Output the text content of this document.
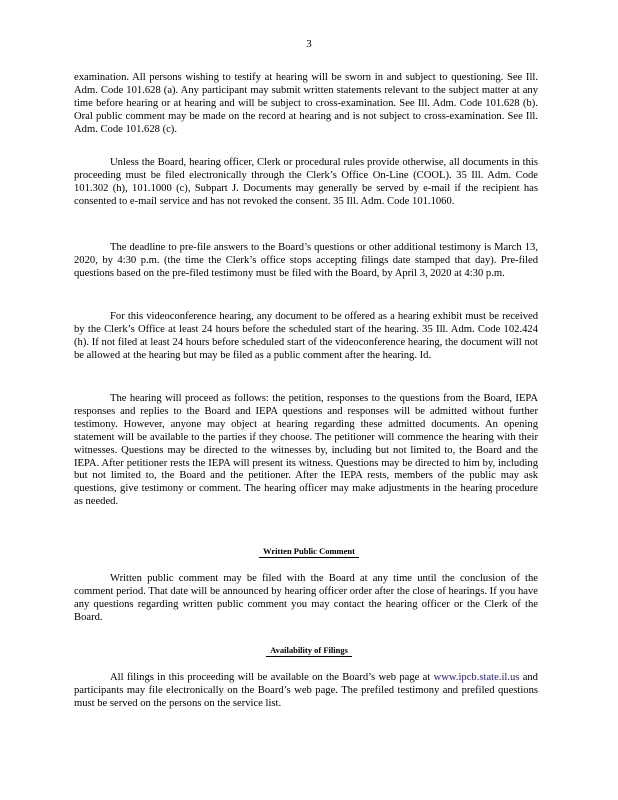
3

examination. All persons wishing to testify at hearing will be sworn in and subject to questioning. See Ill. Adm. Code 101.628 (a). Any participant may submit written statements relevant to the subject matter at any time before hearing or at hearing and will be subject to cross-examination. See Ill. Adm. Code 101.628 (b). Oral public comment may be made on the record at hearing and is not subject to cross-examination. See Ill. Adm. Code 101.628 (c).

Unless the Board, hearing officer, Clerk or procedural rules provide otherwise, all documents in this proceeding must be filed electronically through the Clerk’s Office On-Line (COOL). 35 Ill. Adm. Code 101.302 (h), 101.1000 (c), Subpart J. Documents may generally be served by e-mail if the recipient has consented to e-mail service and has not revoked the consent. 35 Ill. Adm. Code 101.1060.

The deadline to pre-file answers to the Board’s questions or other additional testimony is March 13, 2020, by 4:30 p.m. (the time the Clerk’s office stops accepting filings date stamped that day). Pre-filed questions based on the pre-filed testimony must be filed with the Board, by April 3, 2020 at 4:30 p.m.

For this videoconference hearing, any document to be offered as a hearing exhibit must be received by the Clerk’s Office at least 24 hours before the scheduled start of the hearing. 35 Ill. Adm. Code 102.424 (h). If not filed at least 24 hours before scheduled start of the videoconference hearing, the document will not be allowed at the hearing but may be filed as a public comment after the hearing. Id.

The hearing will proceed as follows: the petition, responses to the questions from the Board, IEPA responses and replies to the Board and IEPA questions and responses will be admitted without further testimony. However, anyone may object at hearing regarding these admitted documents. An opening statement will be available to the parties if they choose. The petitioner will commence the hearing with their witnesses. Questions may be directed to the witnesses by, including but not limited to, the Board and the IEPA. After petitioner rests the IEPA will present its witness. Questions may be directed to him by, including but not limited to, the Board and the petitioner. After the IEPA rests, members of the public may ask questions, give testimony or comment. The hearing officer may make adjustments in the hearing procedure as needed.

Written Public Comment

Written public comment may be filed with the Board at any time until the conclusion of the comment period. That date will be announced by hearing officer order after the close of hearings. If you have any questions regarding written public comment you may contact the hearing officer or the Clerk of the Board.

Availability of Filings

All filings in this proceeding will be available on the Board’s web page at www.ipcb.state.il.us and participants may file electronically on the Board’s web page. The prefiled testimony and prefiled questions must be served on the persons on the service list.
